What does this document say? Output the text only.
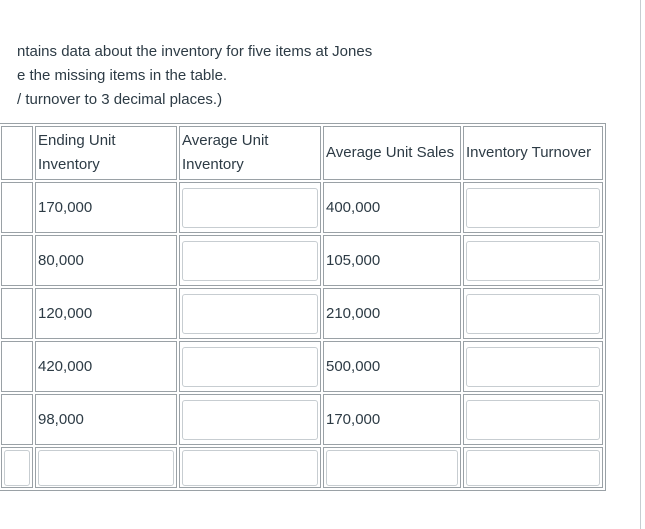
ntains data about the inventory for five items at Jones
e the missing items in the table.
/ turnover to 3 decimal places.)
	Ending Unit Inventory	Average Unit Inventory	Average Unit Sales	Inventory Turnover
	170,000		400,000	
	80,000		105,000	
	120,000		210,000	
	420,000		500,000	
	98,000		170,000	
